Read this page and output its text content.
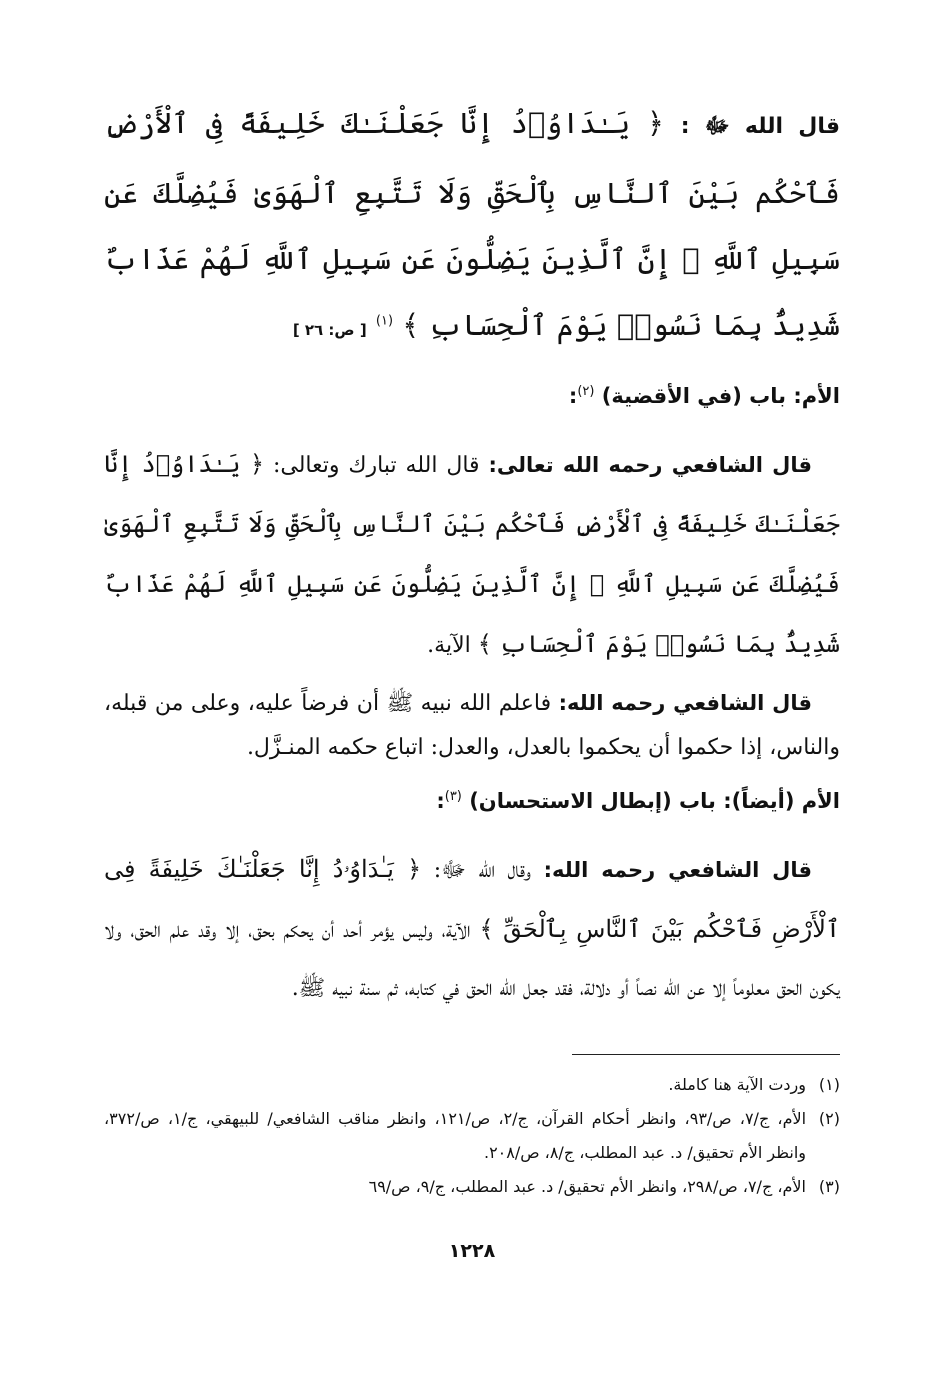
قال الله ﷻ : ﴿ يَـٰدَاوُۥدُ إِنَّا جَعَلْنَـٰكَ خَلِيفَةً فِى ٱلْأَرْضِ فَٱحْكُم بَيْنَ ٱلنَّاسِ بِٱلْحَقِّ وَلَا تَتَّبِعِ ٱلْهَوَىٰ فَيُضِلَّكَ عَن سَبِيلِ ٱللَّهِ ۚ إِنَّ ٱلَّذِينَ يَضِلُّونَ عَن سَبِيلِ ٱللَّهِ لَهُمْ عَذَابٌ شَدِيدٌۢ بِمَا نَسُوا۟ يَوْمَ ٱلْحِسَابِ ﴾ $^{(١)}$ [ ص: ٢٦ ]

الأم: باب (في الأقضية) $^{(٢)}$:

قال الشافعي رحمه الله تعالى: قال الله تبارك وتعالى: ﴿ يَـٰدَاوُۥدُ إِنَّا جَعَلْنَـٰكَ خَلِيفَةً فِى ٱلْأَرْضِ فَٱحْكُم بَيْنَ ٱلنَّاسِ بِٱلْحَقِّ وَلَا تَتَّبِعِ ٱلْهَوَىٰ فَيُضِلَّكَ عَن سَبِيلِ ٱللَّهِ ۚ إِنَّ ٱلَّذِينَ يَضِلُّونَ عَن سَبِيلِ ٱللَّهِ لَهُمْ عَذَابٌ شَدِيدٌۢ بِمَا نَسُوا۟ يَوْمَ ٱلْحِسَابِ ﴾ الآية.

قال الشافعي رحمه الله: فاعلم الله نبيه ﷺ أن فرضاً عليه، وعلى من قبله، والناس، إذا حكموا أن يحكموا بالعدل، والعدل: اتباع حكمه المنـزَّل.

الأم (أيضاً): باب (إبطال الاستحسان) $^{(٣)}$:

قال الشافعي رحمه الله: وقال الله ﷻ: ﴿ يَـٰدَاوُۥدُ إِنَّا جَعَلْنَـٰكَ خَلِيفَةً فِى ٱلْأَرْضِ فَٱحْكُم بَيْنَ ٱلنَّاسِ بِٱلْحَقِّ ﴾ الآية، وليس يؤمر أحد أن يحكم بحق، إلا وقد علم الحق، ولا يكون الحق معلوماً إلا عن الله نصاً أو دلالة، فقد جعل الله الحق في كتابه، ثم سنة نبيه ﷺ.

(١)
وردت الآية هنا كاملة.
(٢)
الأم، ج/٧، ص/٩٣، وانظر أحكام القرآن، ج/٢، ص/١٢١، وانظر مناقب الشافعي/ للبيهقي، ج/١، ص/٣٧٢، وانظر الأم تحقيق/ د. عبد المطلب، ج/٨، ص/٢٠٨.
(٣)
الأم، ج/٧، ص/٢٩٨، وانظر الأم تحقيق/ د. عبد المطلب، ج/٩، ص/٦٩
١٢٢٨
